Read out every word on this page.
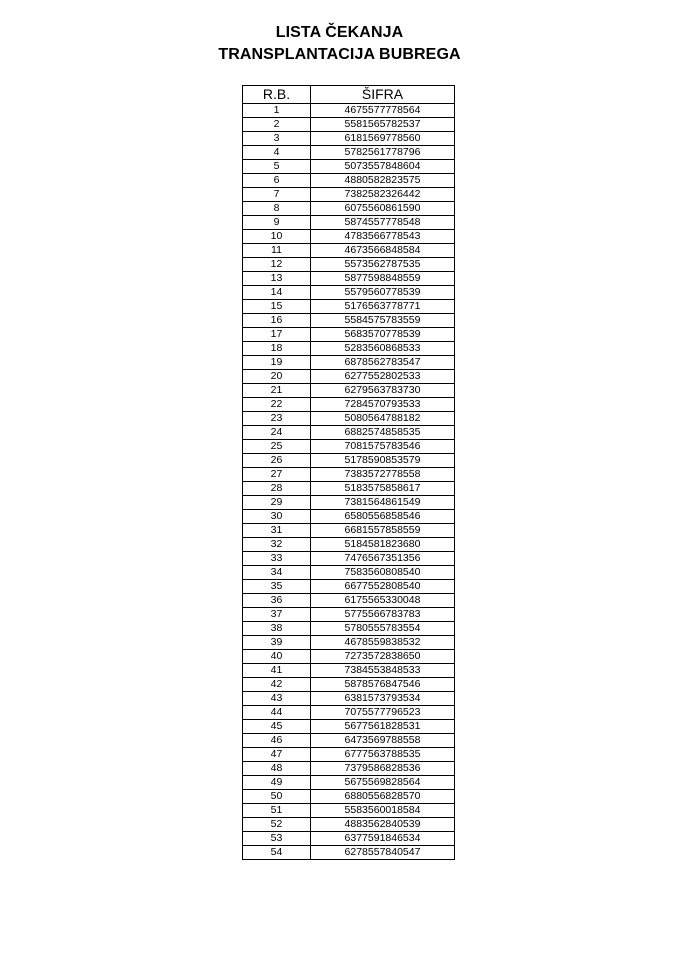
LISTA ČEKANJA
TRANSPLANTACIJA BUBREGA
R.B.	ŠIFRA
1	4675577778564
2	5581565782537
3	6181569778560
4	5782561778796
5	5073557848604
6	4880582823575
7	7382582326442
8	6075560861590
9	5874557778548
10	4783566778543
11	4673566848584
12	5573562787535
13	5877598848559
14	5579560778539
15	5176563778771
16	5584575783559
17	5683570778539
18	5283560868533
19	6878562783547
20	6277552802533
21	6279563783730
22	7284570793533
23	5080564788182
24	6882574858535
25	7081575783546
26	5178590853579
27	7383572778558
28	5183575858617
29	7381564861549
30	6580556858546
31	6681557858559
32	5184581823680
33	7476567351356
34	7583560808540
35	6677552808540
36	6175565330048
37	5775566783783
38	5780555783554
39	4678559838532
40	7273572838650
41	7384553848533
42	5878576847546
43	6381573793534
44	7075577796523
45	5677561828531
46	6473569788558
47	6777563788535
48	7379586828536
49	5675569828564
50	6880556828570
51	5583560018584
52	4883562840539
53	6377591846534
54	6278557840547
